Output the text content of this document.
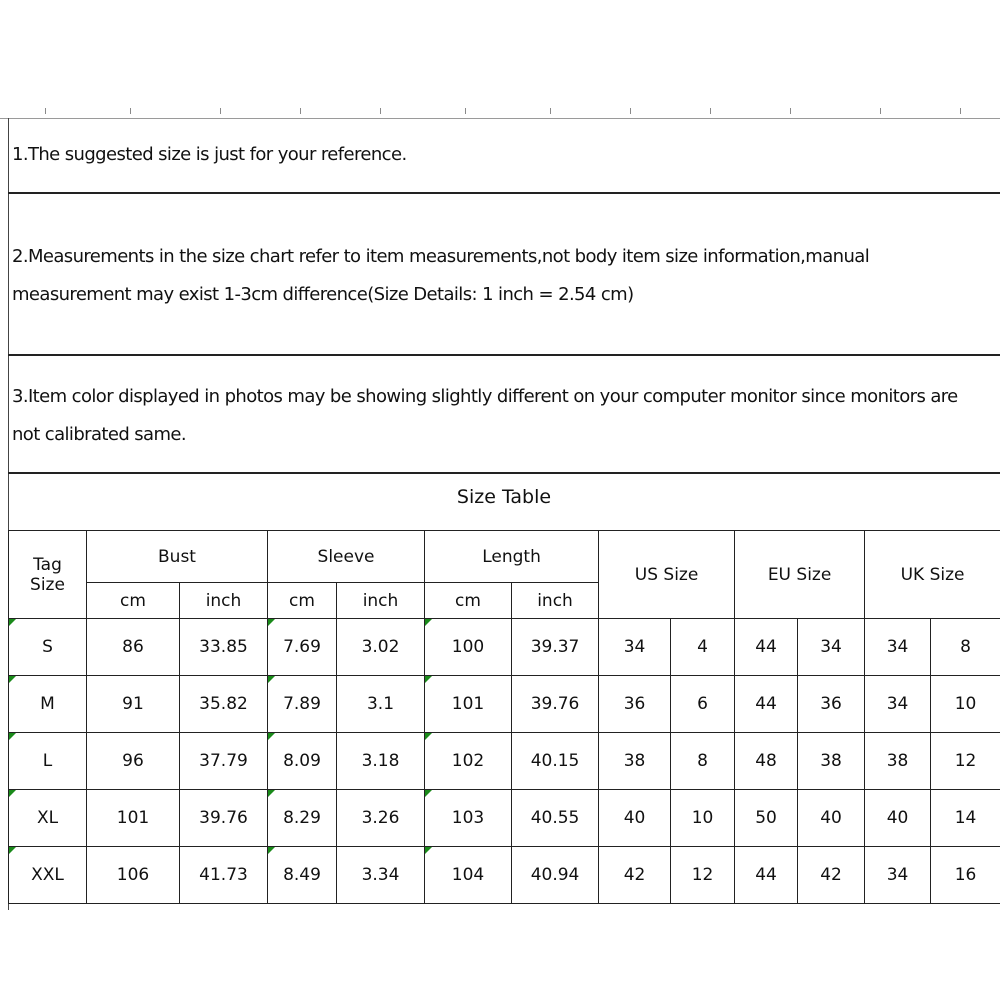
1.The suggested size is just for your reference.
2.Measurements in the size chart refer to item measurements,not body item size information,manual measurement may exist 1-3cm difference(Size Details: 1 inch = 2.54 cm)
3.Item color displayed in photos may be showing slightly different on your computer monitor since monitors are not calibrated same.
Size Table
Tag
Size	Bust		Sleeve		Length		US Size		EU Size		UK Size	
	cm	inch	cm	inch	cm	inch						
S	86	33.85	7.69	3.02	100	39.37	34	4	44	34	34	8
M	91	35.82	7.89	3.1	101	39.76	36	6	44	36	34	10
L	96	37.79	8.09	3.18	102	40.15	38	8	48	38	38	12
XL	101	39.76	8.29	3.26	103	40.55	40	10	50	40	40	14
XXL	106	41.73	8.49	3.34	104	40.94	42	12	44	42	34	16
